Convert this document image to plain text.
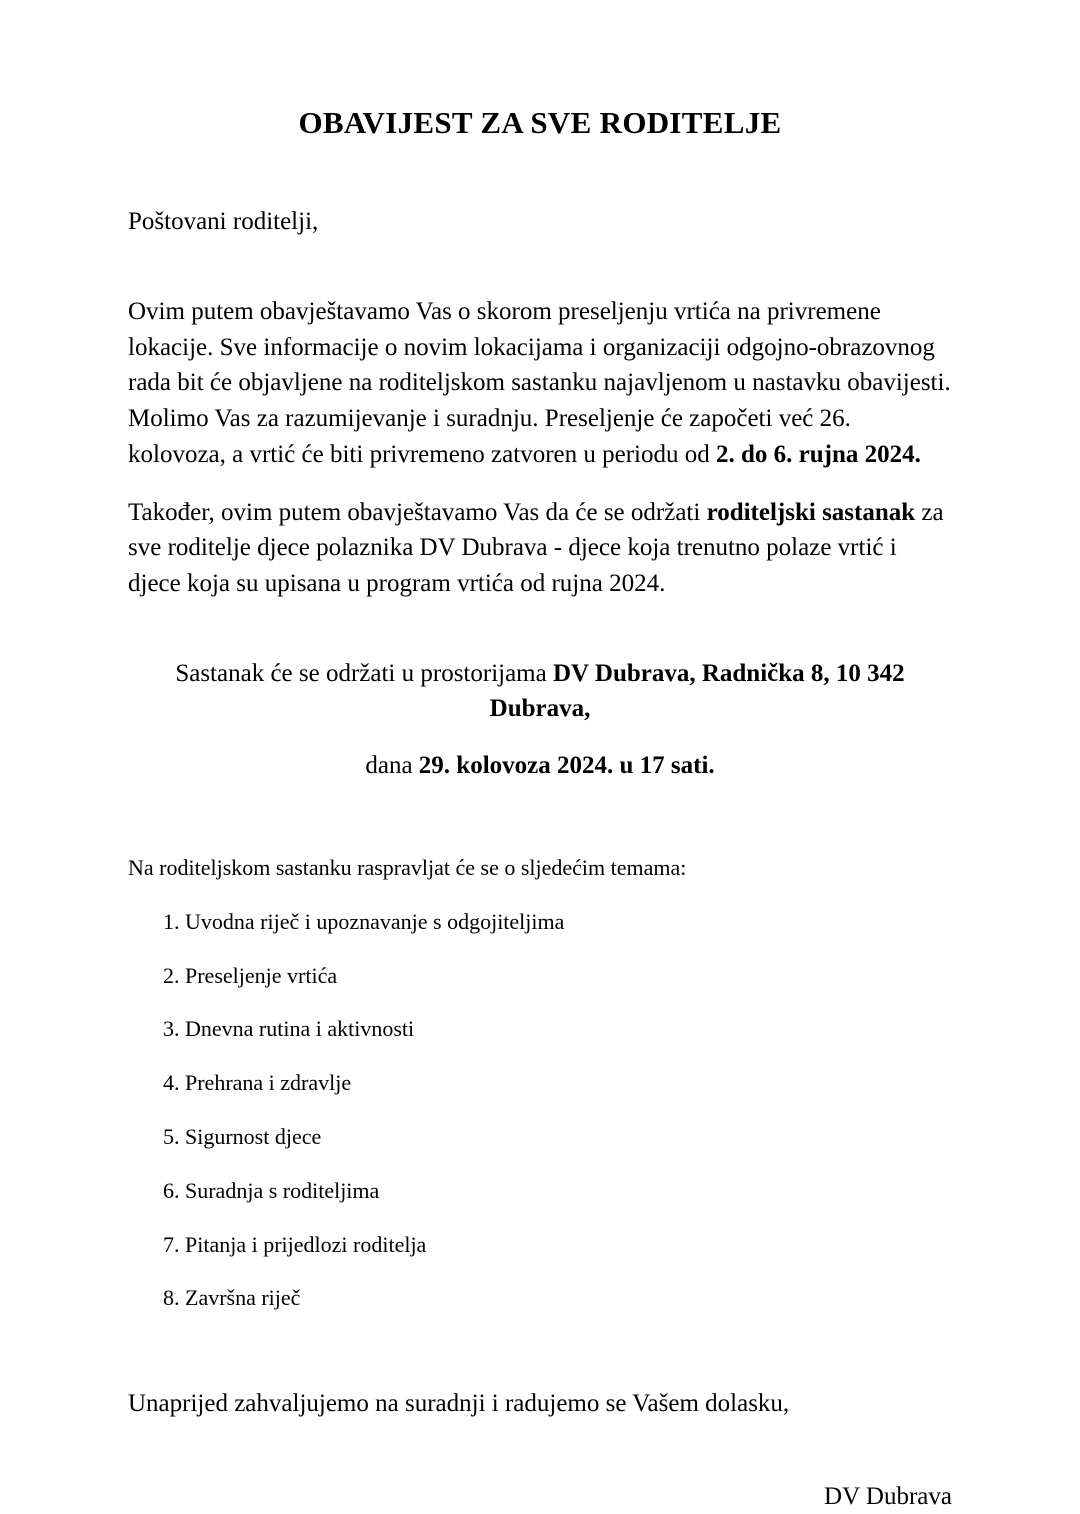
OBAVIJEST ZA SVE RODITELJE

Poštovani roditelji,

Ovim putem obavještavamo Vas o skorom preseljenju vrtića na privremene lokacije. Sve informacije o novim lokacijama i organizaciji odgojno-obrazovnog rada bit će objavljene na roditeljskom sastanku najavljenom u nastavku obavijesti. Molimo Vas za razumijevanje i suradnju. Preseljenje će započeti već 26. kolovoza, a vrtić će biti privremeno zatvoren u periodu od 2. do 6. rujna 2024.

Također, ovim putem obavještavamo Vas da će se održati roditeljski sastanak za sve roditelje djece polaznika DV Dubrava - djece koja trenutno polaze vrtić i djece koja su upisana u program vrtića od rujna 2024.

Sastanak će se održati u prostorijama DV Dubrava, Radnička 8, 10 342 Dubrava,

dana 29. kolovoza 2024. u 17 sati.

Na roditeljskom sastanku raspravljat će se o sljedećim temama:

1. Uvodna riječ i upoznavanje s odgojiteljima
2. Preseljenje vrtića
3. Dnevna rutina i aktivnosti
4. Prehrana i zdravlje
5. Sigurnost djece
6. Suradnja s roditeljima
7. Pitanja i prijedlozi roditelja
8. Završna riječ

Unaprijed zahvaljujemo na suradnji i radujemo se Vašem dolasku,

DV Dubrava
